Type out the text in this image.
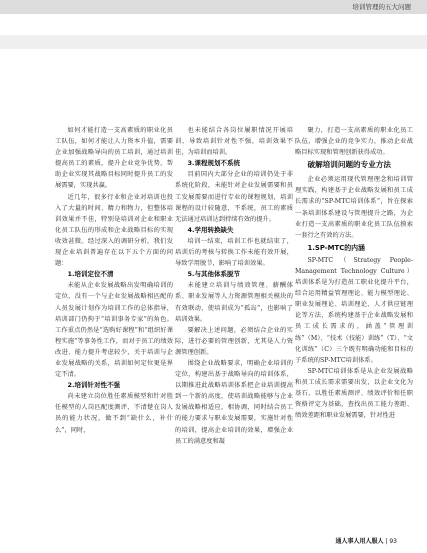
培训管理的五大问题

如何才能打造一支高素质的职业化员工队伍，如何才能让人力资本升值，需要企业加强战略导向的员工培训，通过培训提高员工的素质，提升企业竞争优势，帮助企业实现其战略目标同时提升员工的发展需要，实现共赢。

近几年，很多行业和企业对培训也投入了大量的时间、精力和物力，但整体培训效果并不佳，特别是培训对企业和职业化员工队伍的形成和企业战略目标的实现收效甚微。经过深入的调研分析，我们发现企业培训普遍存在以下五个方面的问题：

1.培训定位不清

未能从企业发展战略出发明确培训的定位，没有一个与企业发展战略相匹配的人员发展计划作为培训工作的总体指导，培训部门仍拘于“培训事务专家”的角色。工作重点仍然是“选购好课程”和“组织好课程实施”等事务性工作，而对于员工的绩效改进、能力提升考虑较少，关于培训与企业发展战略的关系，培训如何定位更是界定不清。

2.培训针对性不强

尚未建立岗位胜任素质模型和针对胜任模型的人岗匹配度测评，不清楚在岗人员的能力状况，做不到“缺什么，补什么”，同时，

也未能结合各岗位履职情况开展培训，导致培训针对性不强，培训效果不佳，为培训而培训。

3.课程规划不系统

目前国内大部分企业的培训仍处于非系统化阶段，未能针对企业发展需要和员工发展需要而进行专业的课程规划，培训课程的设计较随意，不系统，员工的素质无法通过培训达到持续有效的提升。

4.学用转换缺失

培训一结束，培训工作也就结束了，培训后的考核与转换工作未能有效开展，导致学用脱节，影响了培训效果。

5.与其他体系脱节

未能建立培训与绩效管理、薪酬体系、职业发展等人力资源管理相关模块的有效联动，使培训成为“孤岛”，也影响了培训效果。

要解决上述问题，必须结合企业的实际，进行必要的管理创新，尤其是人力资源管理创新。

围绕企业战略要求，明确企业培训的定位，构建出基于战略导向的培训体系，以期推进此战略培训体系把企业培训提高到一个新的高度，使培训战略能够与企业发展战略相适应，相协调，同时结合员工的能力要求与职业发展需要，实施针对性的培训，提高企业培训的效果，增强企业员工的满意度和凝

聚力，打造一支高素质的职业化员工队伍，增强企业的竞争实力，推动企业战略目标实现和管理创新获得成功。

破解培训问题的专业方法

企业必须运用现代管理理念和培训管理实践，构建基于企业战略发展和员工成长需求的“SP-MTC培训体系”，旨在探索一条培训体系建设与管理提升之路，为企业打造一支高素质的职业化员工队伍摸索一套行之有效的方法。

1.SP-MTC的内涵

SP-MTC（Strategy People-Management Technology Culture）培训体系是为打造员工职业化提升平台，综合运用精益管理理论、能力模型理论、职业发展理论、培训理论、人才供应链理论等方法，系统构建基于企业战略发展和员工成长需求的，涵盖“管理训练”（M）、“技术（技能）训练”（T）、“文化训练”（C）三个既有明确功能和目标的子系统的SP-MTC培训体系。

SP-MTC培训体系是从企业发展战略和员工成长需求需要出发，以企业文化为基石，以胜任素质测评、绩效评价和任职资格评定为基础，查找出员工能力差距、绩效差距和职业发展需要，针对性进

通人事人用人服人 | 93
